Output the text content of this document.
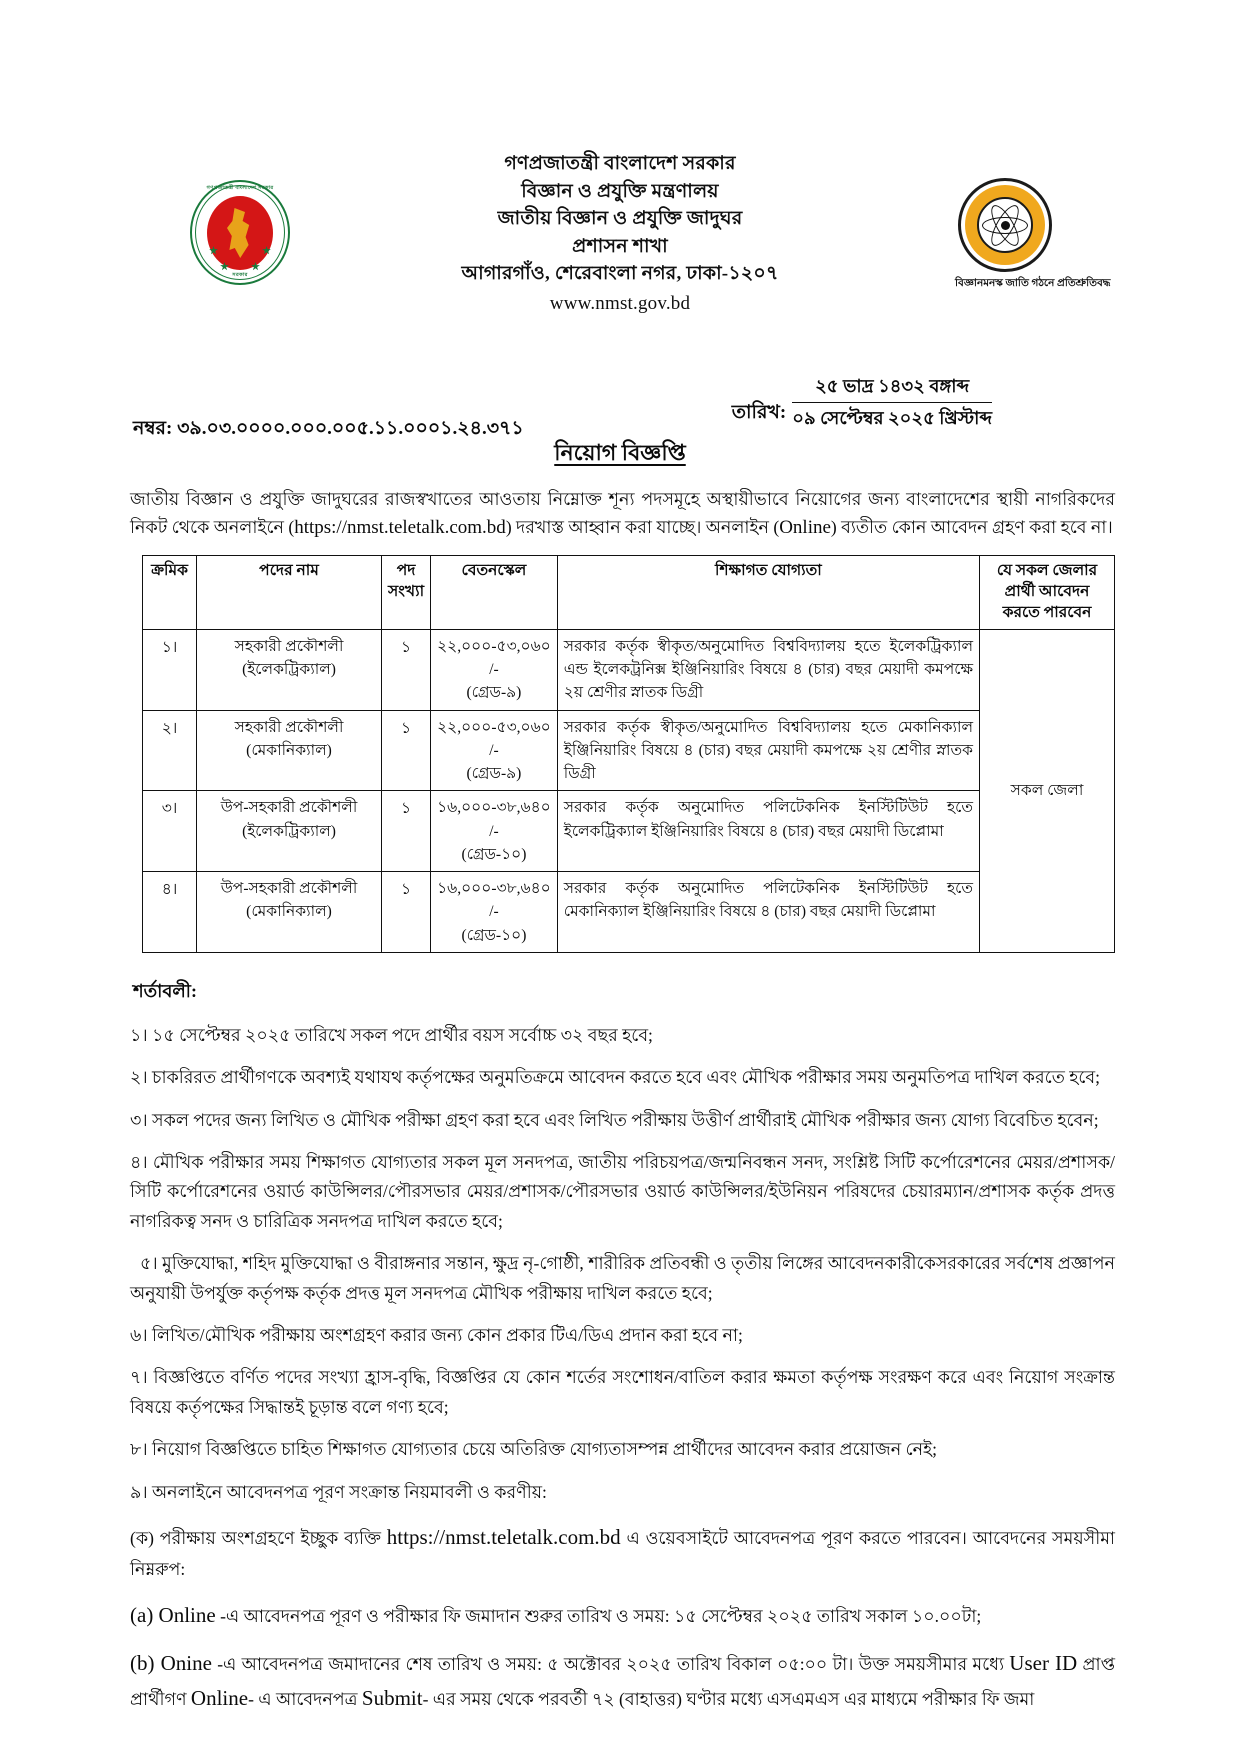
গণপ্রজাতন্ত্রী বাংলাদেশ সরকার
সরকার
গণপ্রজাতন্ত্রী বাংলাদেশ সরকার
বিজ্ঞান ও প্রযুক্তি মন্ত্রণালয়
জাতীয় বিজ্ঞান ও প্রযুক্তি জাদুঘর
প্রশাসন শাখা
আগারগাঁও, শেরেবাংলা নগর, ঢাকা-১২০৭
www.nmst.gov.bd
বিজ্ঞানমনস্ক জাতি গঠনে প্রতিশ্রুতিবদ্ধ
নম্বর: ৩৯.০৩.০০০০.০০০.০০৫.১১.০০০১.২৪.৩৭১
তারিখ:
২৫ ভাদ্র ১৪৩২ বঙ্গাব্দ
০৯ সেপ্টেম্বর ২০২৫ খ্রিস্টাব্দ
নিয়োগ বিজ্ঞপ্তি

জাতীয় বিজ্ঞান ও প্রযুক্তি জাদুঘরের রাজস্বখাতের আওতায় নিম্নোক্ত শূন্য পদসমূহে অস্থায়ীভাবে নিয়োগের জন্য বাংলাদেশের স্থায়ী নাগরিকদের নিকট থেকে অনলাইনে (https://nmst.teletalk.com.bd) দরখাস্ত আহ্বান করা যাচ্ছে। অনলাইন (Online) ব্যতীত কোন আবেদন গ্রহণ করা হবে না।

ক্রমিক	পদের নাম	পদ সংখ্যা	বেতনস্কেল	শিক্ষাগত যোগ্যতা	যে সকল জেলার প্রার্থী আবেদন করতে পারবেন
১।	সহকারী প্রকৌশলী
(ইলেকট্রিক্যাল)
	১	২২,০০০-৫৩,০৬০
/-
(গ্রেড-৯)
	সরকার কর্তৃক স্বীকৃত/অনুমোদিত বিশ্ববিদ্যালয় হতে ইলেকট্রিক্যাল এন্ড ইলেকট্রনিক্স ইঞ্জিনিয়ারিং বিষয়ে ৪ (চার) বছর মেয়াদী কমপক্ষে ২য় শ্রেণীর স্নাতক ডিগ্রী	সকল জেলা
২।	সহকারী প্রকৌশলী
(মেকানিক্যাল)
	১	২২,০০০-৫৩,০৬০
/-
(গ্রেড-৯)
	সরকার কর্তৃক স্বীকৃত/অনুমোদিত বিশ্ববিদ্যালয় হতে মেকানিক্যাল ইঞ্জিনিয়ারিং বিষয়ে ৪ (চার) বছর মেয়াদী কমপক্ষে ২য় শ্রেণীর স্নাতক ডিগ্রী
৩।	উপ-সহকারী প্রকৌশলী
(ইলেকট্রিক্যাল)
	১	১৬,০০০-৩৮,৬৪০
/-
(গ্রেড-১০)
	সরকার কর্তৃক অনুমোদিত পলিটেকনিক ইনস্টিটিউট হতে ইলেকট্রিক্যাল ইঞ্জিনিয়ারিং বিষয়ে ৪ (চার) বছর মেয়াদী ডিপ্লোমা
৪।	উপ-সহকারী প্রকৌশলী
(মেকানিক্যাল)
	১	১৬,০০০-৩৮,৬৪০
/-
(গ্রেড-১০)
	সরকার কর্তৃক অনুমোদিত পলিটেকনিক ইনস্টিটিউট হতে মেকানিক্যাল ইঞ্জিনিয়ারিং বিষয়ে ৪ (চার) বছর মেয়াদী ডিপ্লোমা
শর্তাবলী:
১। ১৫ সেপ্টেম্বর ২০২৫ তারিখে সকল পদে প্রার্থীর বয়স সর্বোচ্চ ৩২ বছর হবে;
২। চাকরিরত প্রার্থীগণকে অবশ্যই যথাযথ কর্তৃপক্ষের অনুমতিক্রমে আবেদন করতে হবে এবং মৌখিক পরীক্ষার সময় অনুমতিপত্র দাখিল করতে হবে;
৩। সকল পদের জন্য লিখিত ও মৌখিক পরীক্ষা গ্রহণ করা হবে এবং লিখিত পরীক্ষায় উত্তীর্ণ প্রার্থীরাই মৌখিক পরীক্ষার জন্য যোগ্য বিবেচিত হবেন;
৪। মৌখিক পরীক্ষার সময় শিক্ষাগত যোগ্যতার সকল মূল সনদপত্র, জাতীয় পরিচয়পত্র/জন্মনিবন্ধন সনদ, সংশ্লিষ্ট সিটি কর্পোরেশনের মেয়র/প্রশাসক/সিটি কর্পোরেশনের ওয়ার্ড কাউন্সিলর/পৌরসভার মেয়র/প্রশাসক/পৌরসভার ওয়ার্ড কাউন্সিলর/ইউনিয়ন পরিষদের চেয়ারম্যান/প্রশাসক কর্তৃক প্রদত্ত নাগরিকত্ব সনদ ও চারিত্রিক সনদপত্র দাখিল করতে হবে;
৫। মুক্তিযোদ্ধা, শহিদ মুক্তিযোদ্ধা ও বীরাঙ্গনার সন্তান, ক্ষুদ্র নৃ-গোষ্ঠী, শারীরিক প্রতিবন্ধী ও তৃতীয় লিঙ্গের আবেদনকারীকেসরকারের সর্বশেষ প্রজ্ঞাপন অনুযায়ী উপর্যুক্ত কর্তৃপক্ষ কর্তৃক প্রদত্ত মূল সনদপত্র মৌখিক পরীক্ষায় দাখিল করতে হবে;
৬। লিখিত/মৌখিক পরীক্ষায় অংশগ্রহণ করার জন্য কোন প্রকার টিএ/ডিএ প্রদান করা হবে না;
৭। বিজ্ঞপ্তিতে বর্ণিত পদের সংখ্যা হ্রাস-বৃদ্ধি, বিজ্ঞপ্তির যে কোন শর্তের সংশোধন/বাতিল করার ক্ষমতা কর্তৃপক্ষ সংরক্ষণ করে এবং নিয়োগ সংক্রান্ত বিষয়ে কর্তৃপক্ষের সিদ্ধান্তই চূড়ান্ত বলে গণ্য হবে;
৮। নিয়োগ বিজ্ঞপ্তিতে চাহিত শিক্ষাগত যোগ্যতার চেয়ে অতিরিক্ত যোগ্যতাসম্পন্ন প্রার্থীদের আবেদন করার প্রয়োজন নেই;
৯। অনলাইনে আবেদনপত্র পূরণ সংক্রান্ত নিয়মাবলী ও করণীয়:
(ক) পরীক্ষায় অংশগ্রহণে ইচ্ছুক ব্যক্তি https://nmst.teletalk.com.bd এ ওয়েবসাইটে আবেদনপত্র পূরণ করতে পারবেন। আবেদনের সময়সীমা নিম্নরুপ:
(a) Online -এ আবেদনপত্র পূরণ ও পরীক্ষার ফি জমাদান শুরুর তারিখ ও সময়: ১৫ সেপ্টেম্বর ২০২৫ তারিখ সকাল ১০.০০টা;
(b) Onine -এ আবেদনপত্র জমাদানের শেষ তারিখ ও সময়: ৫ অক্টোবর ২০২৫ তারিখ বিকাল ০৫:০০ টা। উক্ত সময়সীমার মধ্যে User ID প্রাপ্ত প্রার্থীগণ Online- এ আবেদনপত্র Submit- এর সময় থেকে পরবর্তী ৭২ (বাহাত্তর) ঘণ্টার মধ্যে এসএমএস এর মাধ্যমে পরীক্ষার ফি জমা
